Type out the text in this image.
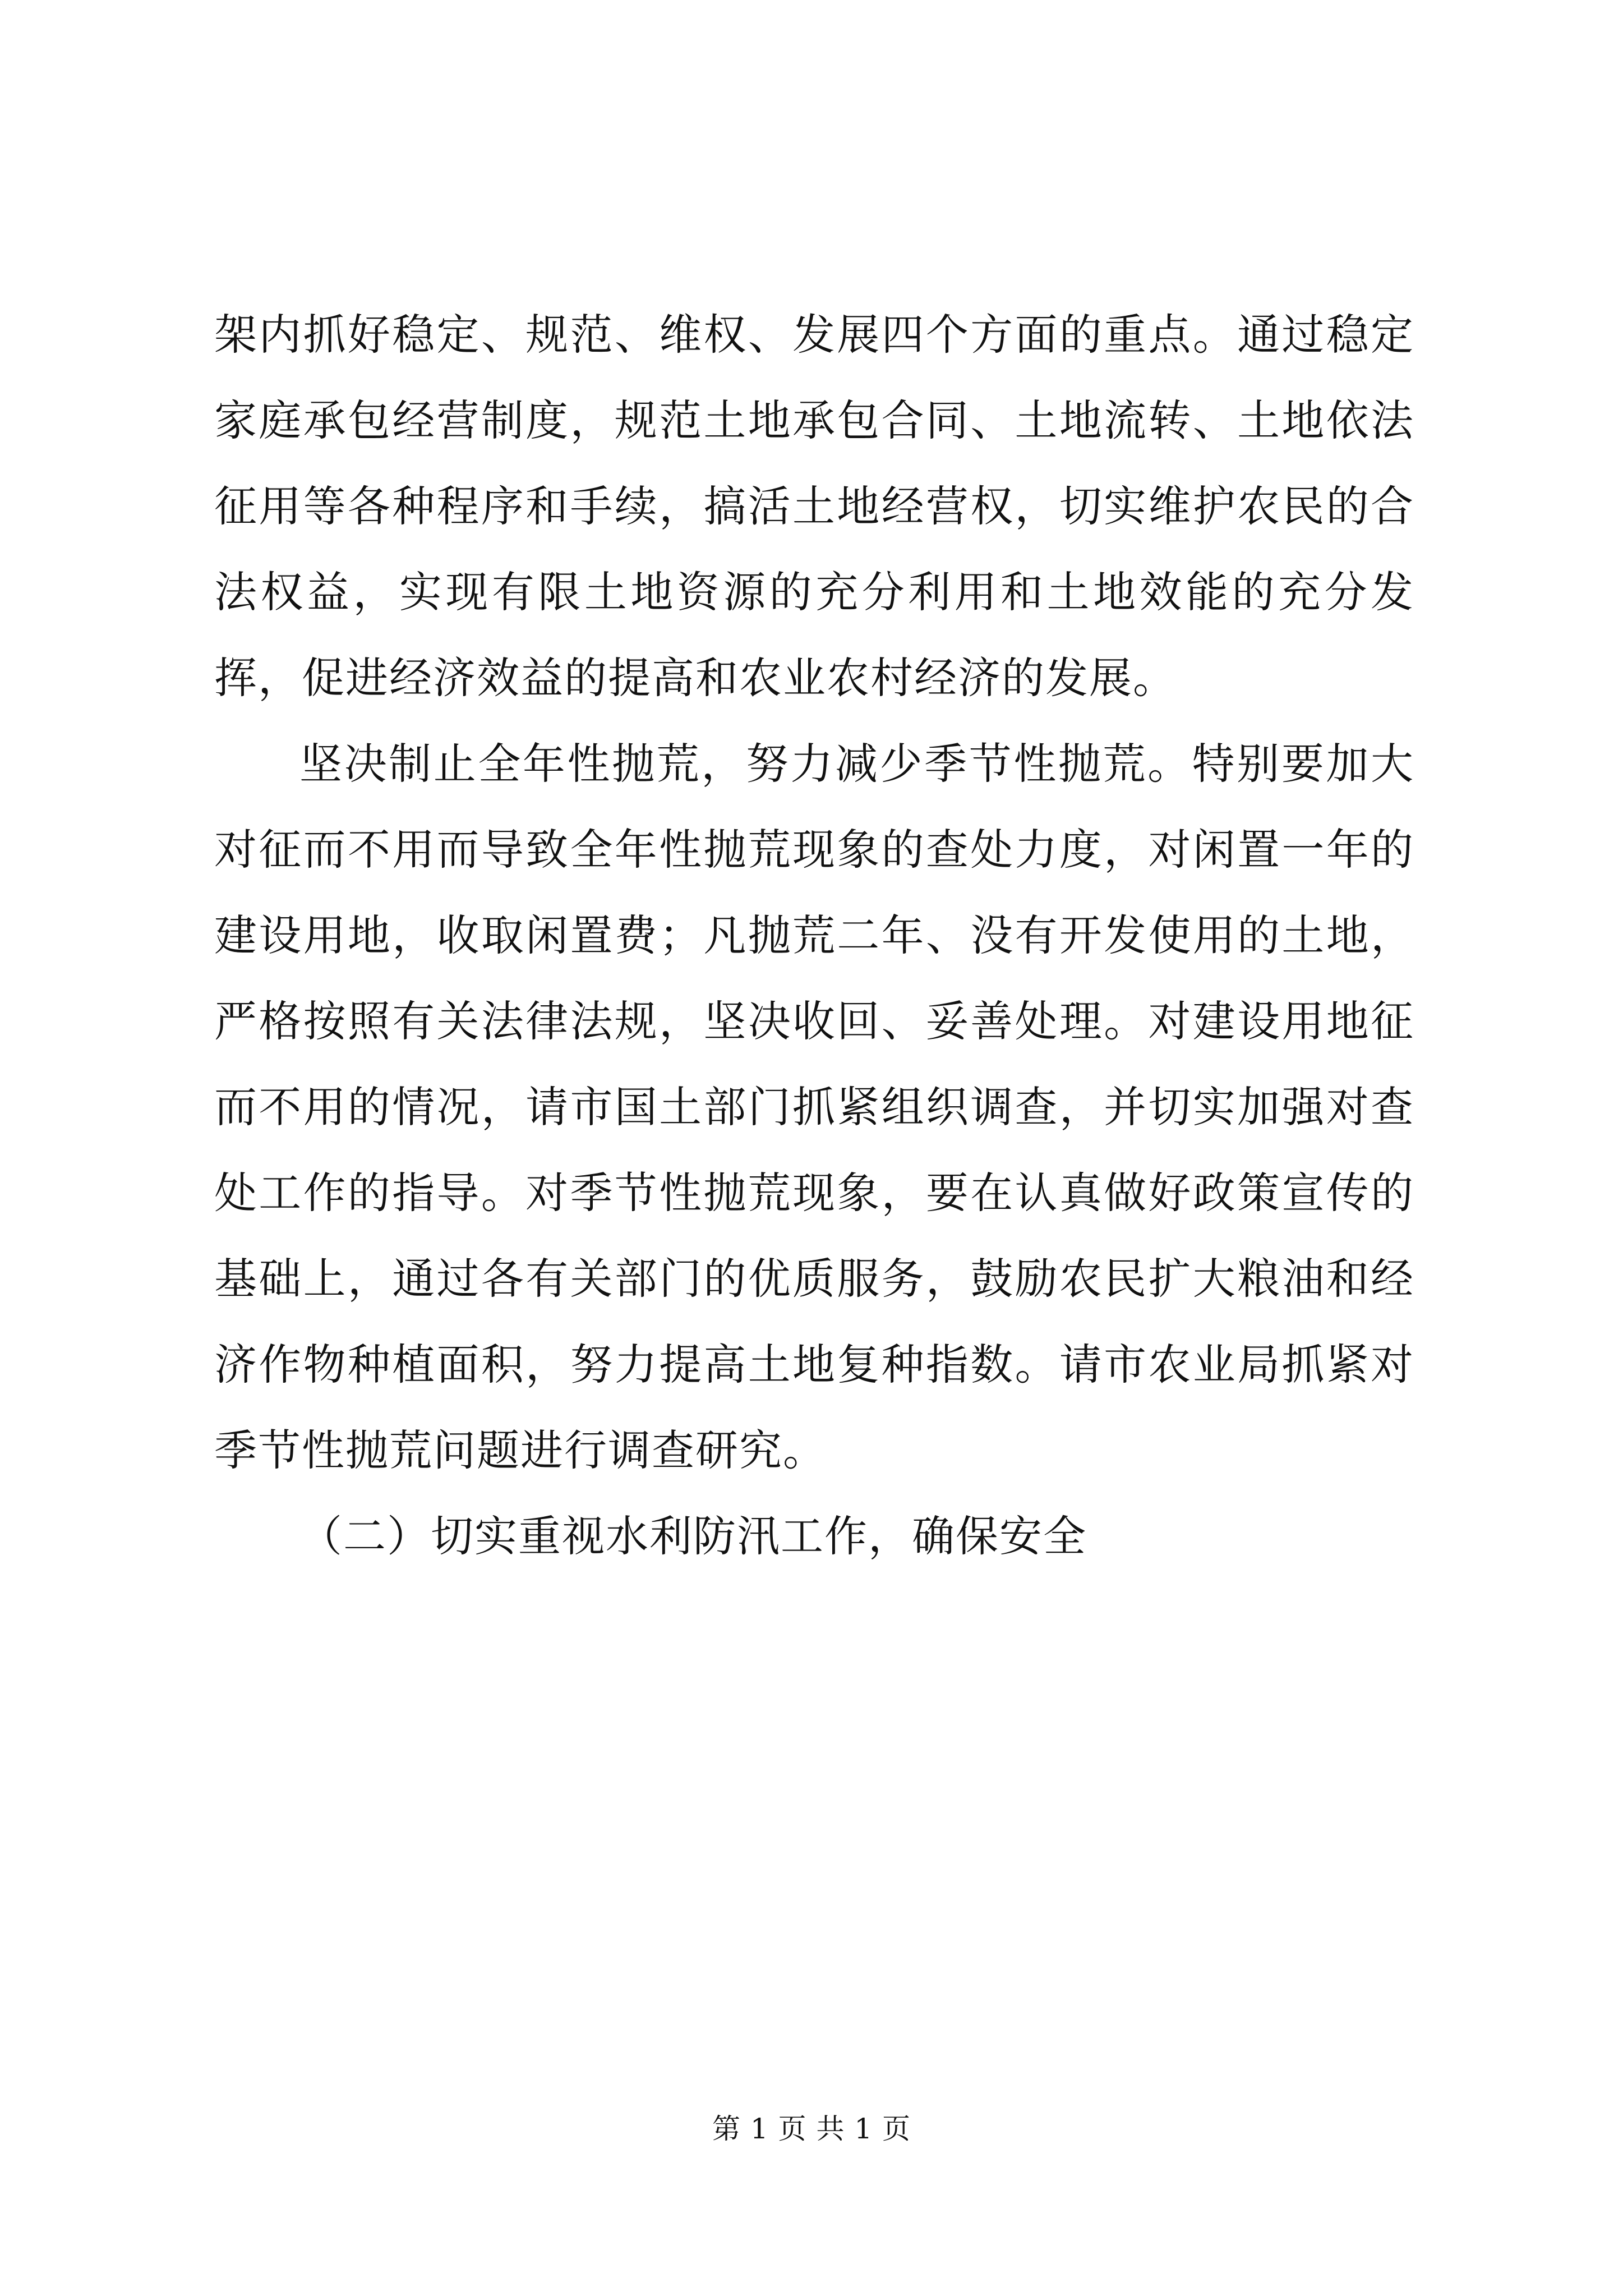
架内抓好稳定、规范、维权、发展四个方面的重点。通过稳定家庭承包经营制度，规范土地承包合同、土地流转、土地依法征用等各种程序和手续，搞活土地经营权，切实维护农民的合法权益，实现有限土地资源的充分利用和土地效能的充分发挥，促进经济效益的提高和农业农村经济的发展。

坚决制止全年性抛荒，努力减少季节性抛荒。特别要加大对征而不用而导致全年性抛荒现象的查处力度，对闲置一年的建设用地，收取闲置费；凡抛荒二年、没有开发使用的土地，严格按照有关法律法规，坚决收回、妥善处理。对建设用地征而不用的情况，请市国土部门抓紧组织调查，并切实加强对查处工作的指导。对季节性抛荒现象，要在认真做好政策宣传的基础上，通过各有关部门的优质服务，鼓励农民扩大粮油和经济作物种植面积，努力提高土地复种指数。请市农业局抓紧对季节性抛荒问题进行调查研究。

（二）切实重视水利防汛工作，确保安全

第 1 页 共 1 页
